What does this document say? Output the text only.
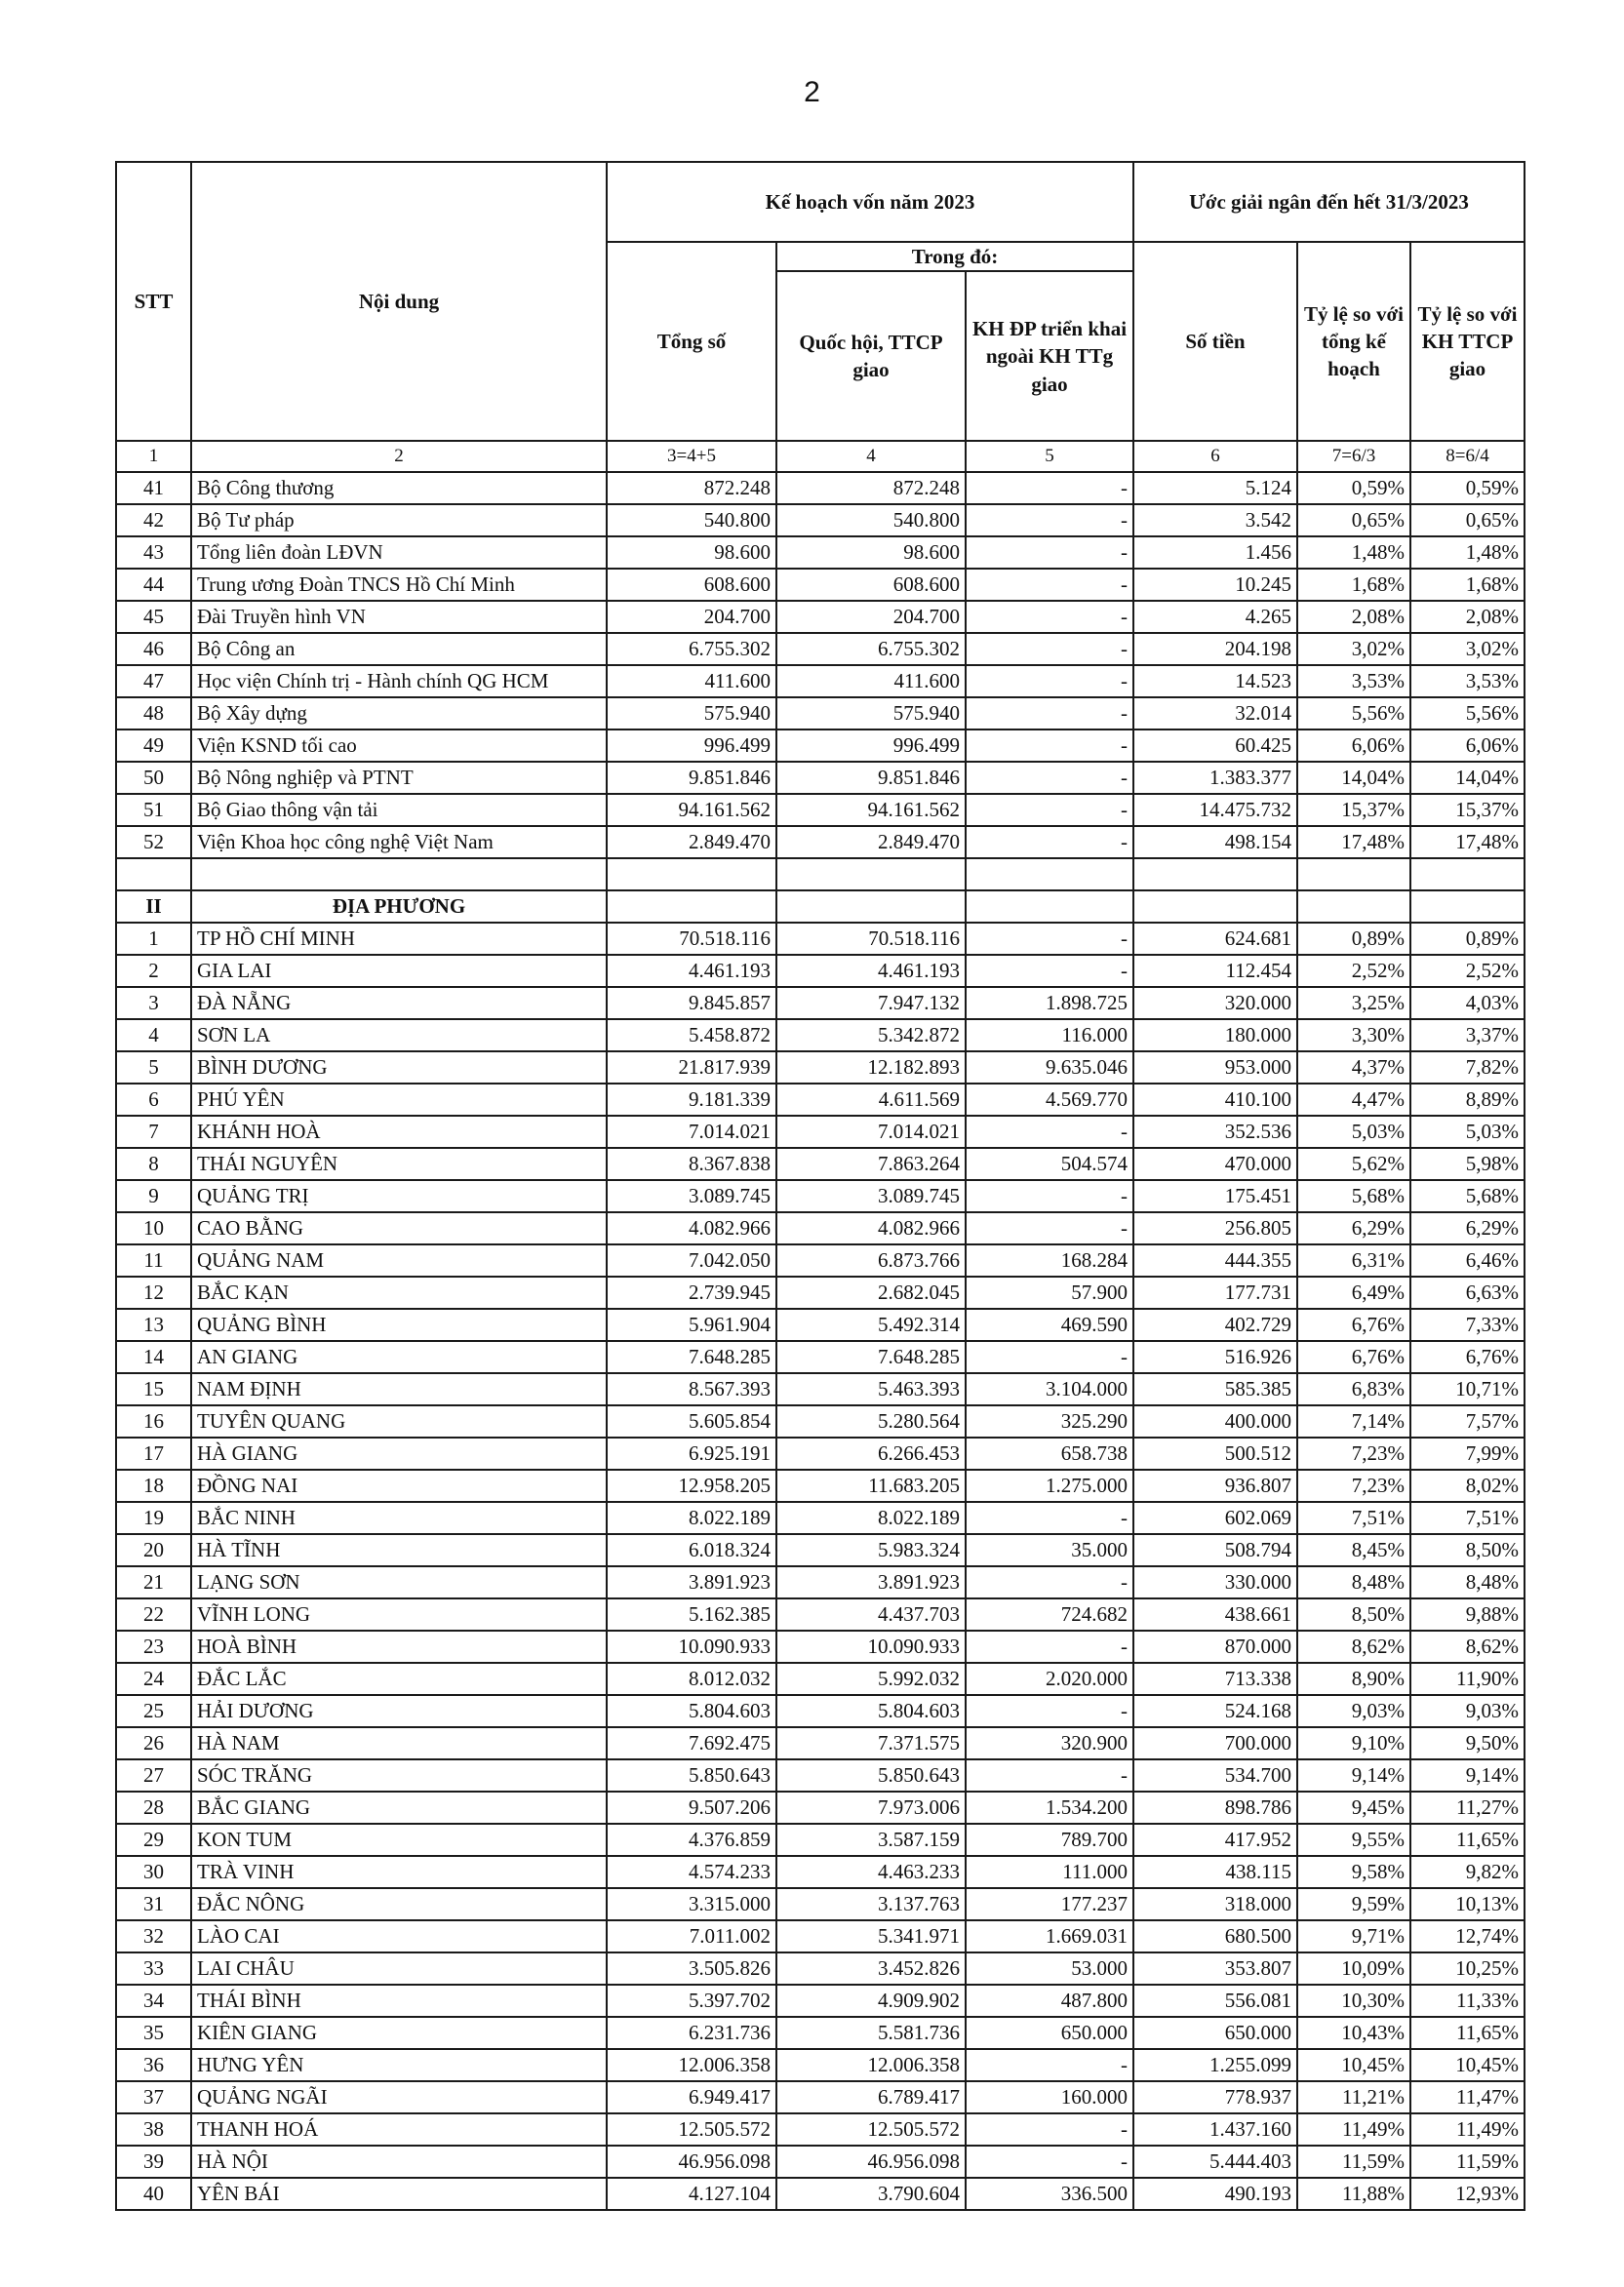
2
STT	Nội dung	Kế hoạch vốn năm 2023			Ước giải ngân đến hết 31/3/2023		
		Tổng số	Trong đó:		Số tiền	Tỷ lệ so với tổng kế hoạch	Tỷ lệ so với KH TTCP giao
			Quốc hội, TTCP giao	KH ĐP triển khai ngoài KH TTg giao			
1	2	3=4+5	4	5	6	7=6/3	8=6/4
41	Bộ Công thương	872.248	872.248	-	5.124	0,59%	0,59%
42	Bộ Tư pháp	540.800	540.800	-	3.542	0,65%	0,65%
43	Tổng liên đoàn LĐVN	98.600	98.600	-	1.456	1,48%	1,48%
44	Trung ương Đoàn TNCS Hồ Chí Minh	608.600	608.600	-	10.245	1,68%	1,68%
45	Đài Truyền hình VN	204.700	204.700	-	4.265	2,08%	2,08%
46	Bộ Công an	6.755.302	6.755.302	-	204.198	3,02%	3,02%
47	Học viện Chính trị - Hành chính QG HCM	411.600	411.600	-	14.523	3,53%	3,53%
48	Bộ Xây dựng	575.940	575.940	-	32.014	5,56%	5,56%
49	Viện KSND tối cao	996.499	996.499	-	60.425	6,06%	6,06%
50	Bộ Nông nghiệp và PTNT	9.851.846	9.851.846	-	1.383.377	14,04%	14,04%
51	Bộ Giao thông vận tải	94.161.562	94.161.562	-	14.475.732	15,37%	15,37%
52	Viện Khoa học công nghệ Việt Nam	2.849.470	2.849.470	-	498.154	17,48%	17,48%

II	ĐỊA PHƯƠNG						
1	TP HỒ CHÍ MINH	70.518.116	70.518.116	-	624.681	0,89%	0,89%
2	GIA LAI	4.461.193	4.461.193	-	112.454	2,52%	2,52%
3	ĐÀ NẴNG	9.845.857	7.947.132	1.898.725	320.000	3,25%	4,03%
4	SƠN LA	5.458.872	5.342.872	116.000	180.000	3,30%	3,37%
5	BÌNH DƯƠNG	21.817.939	12.182.893	9.635.046	953.000	4,37%	7,82%
6	PHÚ YÊN	9.181.339	4.611.569	4.569.770	410.100	4,47%	8,89%
7	KHÁNH HOÀ	7.014.021	7.014.021	-	352.536	5,03%	5,03%
8	THÁI NGUYÊN	8.367.838	7.863.264	504.574	470.000	5,62%	5,98%
9	QUẢNG TRỊ	3.089.745	3.089.745	-	175.451	5,68%	5,68%
10	CAO BẰNG	4.082.966	4.082.966	-	256.805	6,29%	6,29%
11	QUẢNG NAM	7.042.050	6.873.766	168.284	444.355	6,31%	6,46%
12	BẮC KẠN	2.739.945	2.682.045	57.900	177.731	6,49%	6,63%
13	QUẢNG BÌNH	5.961.904	5.492.314	469.590	402.729	6,76%	7,33%
14	AN GIANG	7.648.285	7.648.285	-	516.926	6,76%	6,76%
15	NAM ĐỊNH	8.567.393	5.463.393	3.104.000	585.385	6,83%	10,71%
16	TUYÊN QUANG	5.605.854	5.280.564	325.290	400.000	7,14%	7,57%
17	HÀ GIANG	6.925.191	6.266.453	658.738	500.512	7,23%	7,99%
18	ĐỒNG NAI	12.958.205	11.683.205	1.275.000	936.807	7,23%	8,02%
19	BẮC NINH	8.022.189	8.022.189	-	602.069	7,51%	7,51%
20	HÀ TĨNH	6.018.324	5.983.324	35.000	508.794	8,45%	8,50%
21	LẠNG SƠN	3.891.923	3.891.923	-	330.000	8,48%	8,48%
22	VĨNH LONG	5.162.385	4.437.703	724.682	438.661	8,50%	9,88%
23	HOÀ BÌNH	10.090.933	10.090.933	-	870.000	8,62%	8,62%
24	ĐẮC LẮC	8.012.032	5.992.032	2.020.000	713.338	8,90%	11,90%
25	HẢI DƯƠNG	5.804.603	5.804.603	-	524.168	9,03%	9,03%
26	HÀ NAM	7.692.475	7.371.575	320.900	700.000	9,10%	9,50%
27	SÓC TRĂNG	5.850.643	5.850.643	-	534.700	9,14%	9,14%
28	BẮC GIANG	9.507.206	7.973.006	1.534.200	898.786	9,45%	11,27%
29	KON TUM	4.376.859	3.587.159	789.700	417.952	9,55%	11,65%
30	TRÀ VINH	4.574.233	4.463.233	111.000	438.115	9,58%	9,82%
31	ĐẮC NÔNG	3.315.000	3.137.763	177.237	318.000	9,59%	10,13%
32	LÀO CAI	7.011.002	5.341.971	1.669.031	680.500	9,71%	12,74%
33	LAI CHÂU	3.505.826	3.452.826	53.000	353.807	10,09%	10,25%
34	THÁI BÌNH	5.397.702	4.909.902	487.800	556.081	10,30%	11,33%
35	KIÊN GIANG	6.231.736	5.581.736	650.000	650.000	10,43%	11,65%
36	HƯNG YÊN	12.006.358	12.006.358	-	1.255.099	10,45%	10,45%
37	QUẢNG NGÃI	6.949.417	6.789.417	160.000	778.937	11,21%	11,47%
38	THANH HOÁ	12.505.572	12.505.572	-	1.437.160	11,49%	11,49%
39	HÀ NỘI	46.956.098	46.956.098	-	5.444.403	11,59%	11,59%
40	YÊN BÁI	4.127.104	3.790.604	336.500	490.193	11,88%	12,93%
